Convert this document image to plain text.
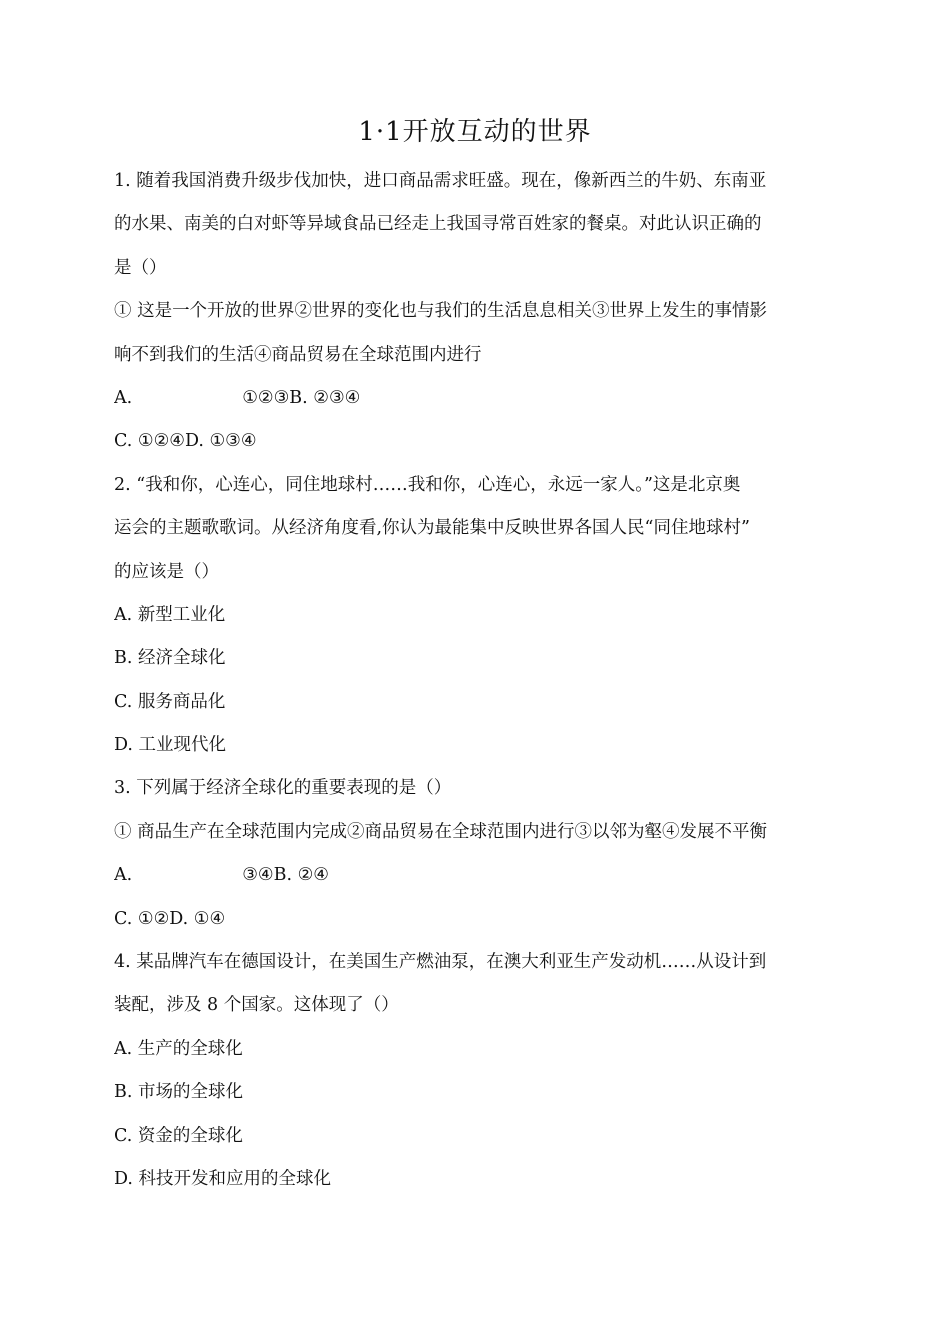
1·1开放互动的世界
1. 随着我国消费升级步伐加快，进口商品需求旺盛。现在，像新西兰的牛奶、东南亚
的水果、南美的白对虾等异域食品已经走上我国寻常百姓家的餐桌。对此认识正确的
是（）
① 这是一个开放的世界②世界的变化也与我们的生活息息相关③世界上发生的事情影
响不到我们的生活④商品贸易在全球范围内进行
A.	①②③B. ②③④
C. ①②④D. ①③④
2. “我和你，心连心，同住地球村……我和你，心连心，永远一家人。”这是北京奥
运会的主题歌歌词。从经济角度看,你认为最能集中反映世界各国人民“同住地球村”
的应该是（）
A. 新型工业化
B. 经济全球化
C. 服务商品化
D. 工业现代化
3. 下列属于经济全球化的重要表现的是（）
① 商品生产在全球范围内完成②商品贸易在全球范围内进行③以邻为壑④发展不平衡
A.	③④B. ②④
C. ①②D. ①④
4. 某品牌汽车在德国设计，在美国生产燃油泵，在澳大利亚生产发动机……从设计到
装配，涉及 8 个国家。这体现了（）
A. 生产的全球化
B. 市场的全球化
C. 资金的全球化
D. 科技开发和应用的全球化
